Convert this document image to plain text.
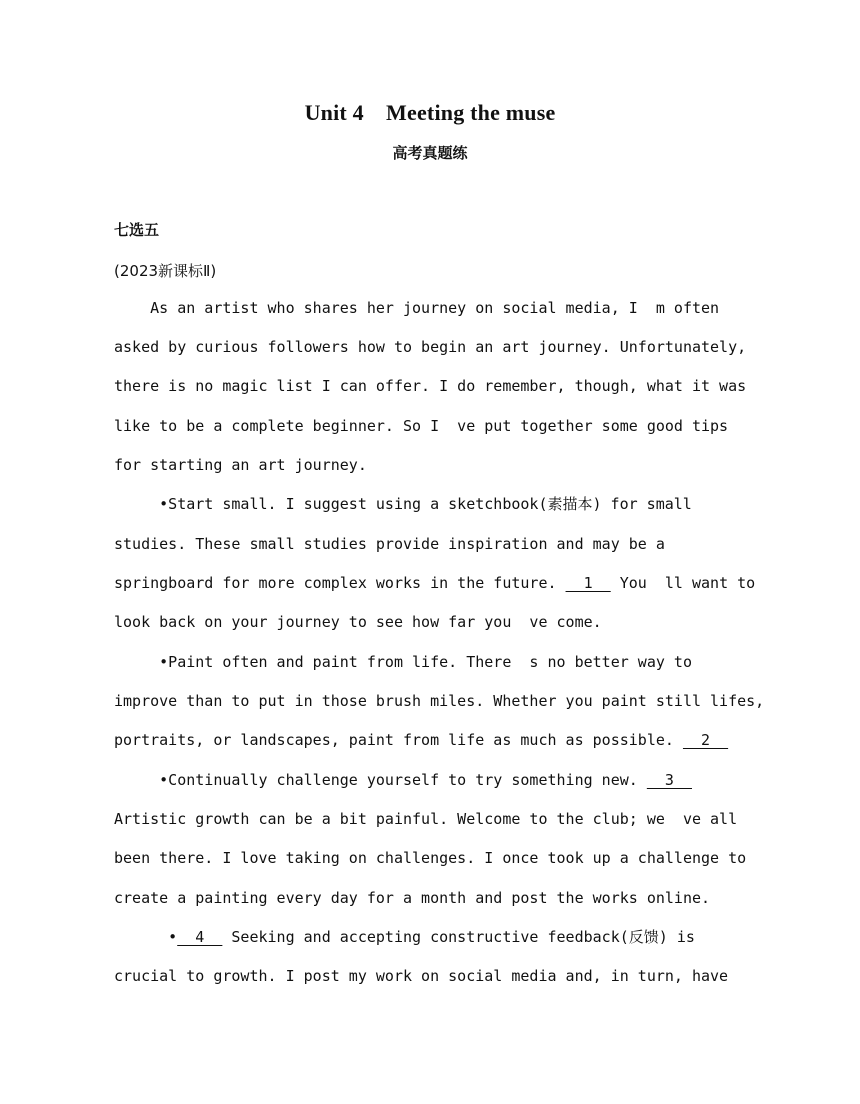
Unit 4　Meeting the muse
高考真题练
七选五
(2023新课标Ⅱ)
As an artist who shares her journey on social media, I  m often
asked by curious followers how to begin an art journey. Unfortunately,
there is no magic list I can offer. I do remember, though, what it was
like to be a complete beginner. So I  ve put together some good tips
for starting an art journey.
•Start small. I suggest using a sketchbook(素描本) for small
studies. These small studies provide inspiration and may be a
springboard for more complex works in the future.   1   You  ll want to
look back on your journey to see how far you  ve come.
•Paint often and paint from life. There  s no better way to
improve than to put in those brush miles. Whether you paint still lifes,
portraits, or landscapes, paint from life as much as possible.   2
•Continually challenge yourself to try something new.   3
Artistic growth can be a bit painful. Welcome to the club; we  ve all
been there. I love taking on challenges. I once took up a challenge to
create a painting every day for a month and post the works online.
•  4   Seeking and accepting constructive feedback(反馈) is
crucial to growth. I post my work on social media and, in turn, have
